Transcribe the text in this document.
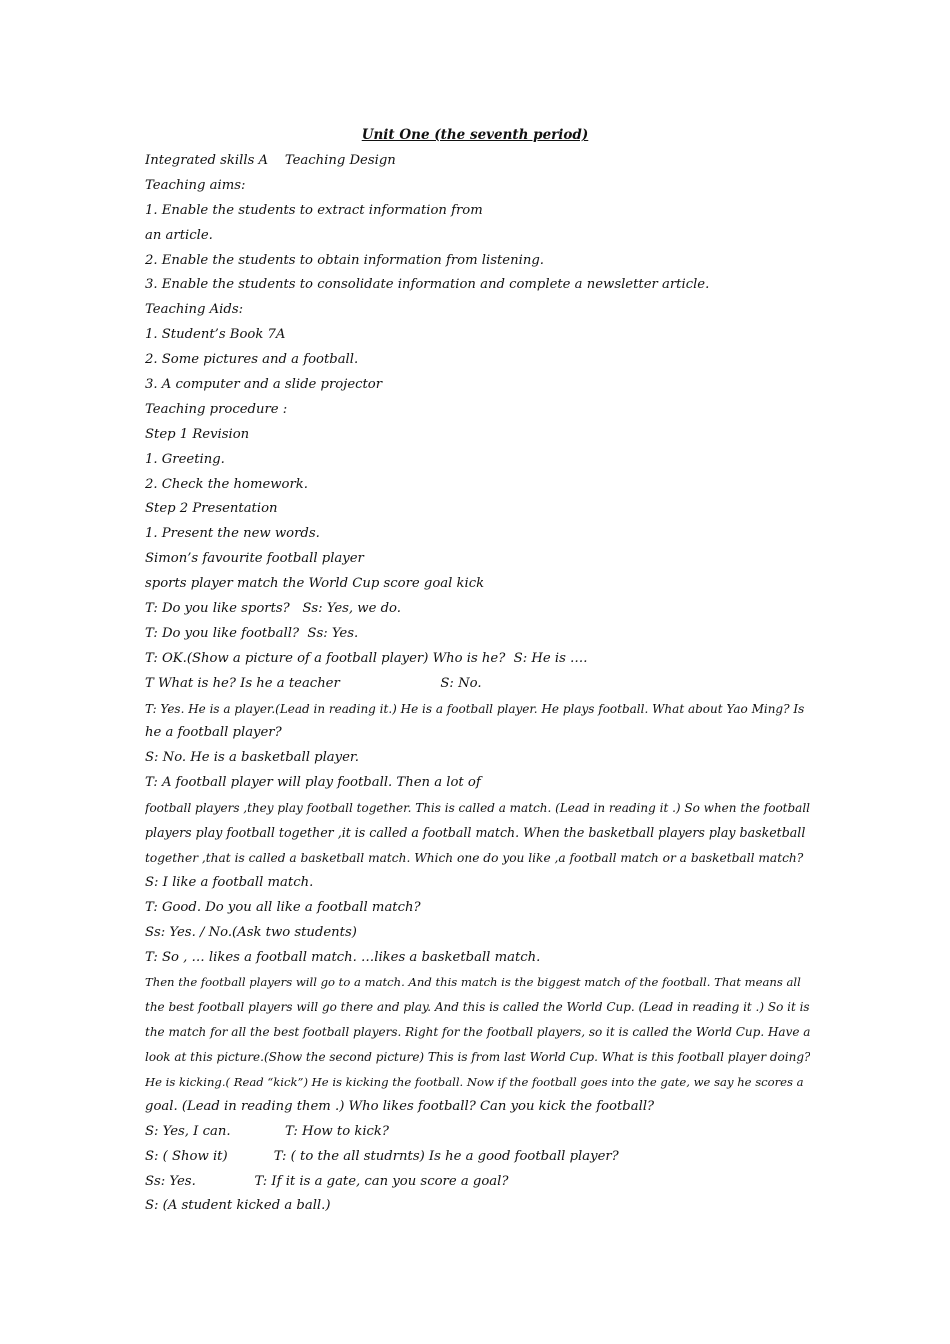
Unit One (the seventh period)
Integrated skills A    Teaching Design
Teaching aims:
1. Enable the students to extract information from
an article.
2. Enable the students to obtain information from listening.
3. Enable the students to consolidate information and complete a newsletter article.
Teaching Aids:
1. Student’s Book 7A
2. Some pictures and a football.
3. A computer and a slide projector
Teaching procedure :
Step 1 Revision
1. Greeting.
2. Check the homework.
Step 2 Presentation
1. Present the new words.
Simon’s favourite football player
sports player match the World Cup score goal kick
T: Do you like sports?   Ss: Yes, we do.
T: Do you like football?  Ss: Yes.
T: OK.(Show a picture of a football player) Who is he?  S: He is ….
T What is he? Is he a teacher                        S: No.
T: Yes. He is a player.(Lead in reading it.) He is a football player. He plays football. What about Yao Ming? Is
he a football player?
S: No. He is a basketball player.
T: A football player will play football. Then a lot of
football players ,they play football together. This is called a match. (Lead in reading it .) So when the football
players play football together ,it is called a football match. When the basketball players play basketball
together ,that is called a basketball match. Which one do you like ,a football match or a basketball match?
S: I like a football match.
T: Good. Do you all like a football match?
Ss: Yes. / No.(Ask two students)
T: So , … likes a football match. …likes a basketball match.
Then the football players will go to a match. And this match is the biggest match of the football. That means all
the best football players will go there and play. And this is called the World Cup. (Lead in reading it .) So it is
the match for all the best football players. Right for the football players, so it is called the World Cup. Have a
look at this picture.(Show the second picture) This is from last World Cup. What is this football player doing?
He is kicking.( Read “kick”) He is kicking the football. Now if the football goes into the gate, we say he scores a
goal. (Lead in reading them .) Who likes football? Can you kick the football?
S: Yes, I can.             T: How to kick?
S: ( Show it)           T: ( to the all studrnts) Is he a good football player?
Ss: Yes.              T: If it is a gate, can you score a goal?
S: (A student kicked a ball.)
